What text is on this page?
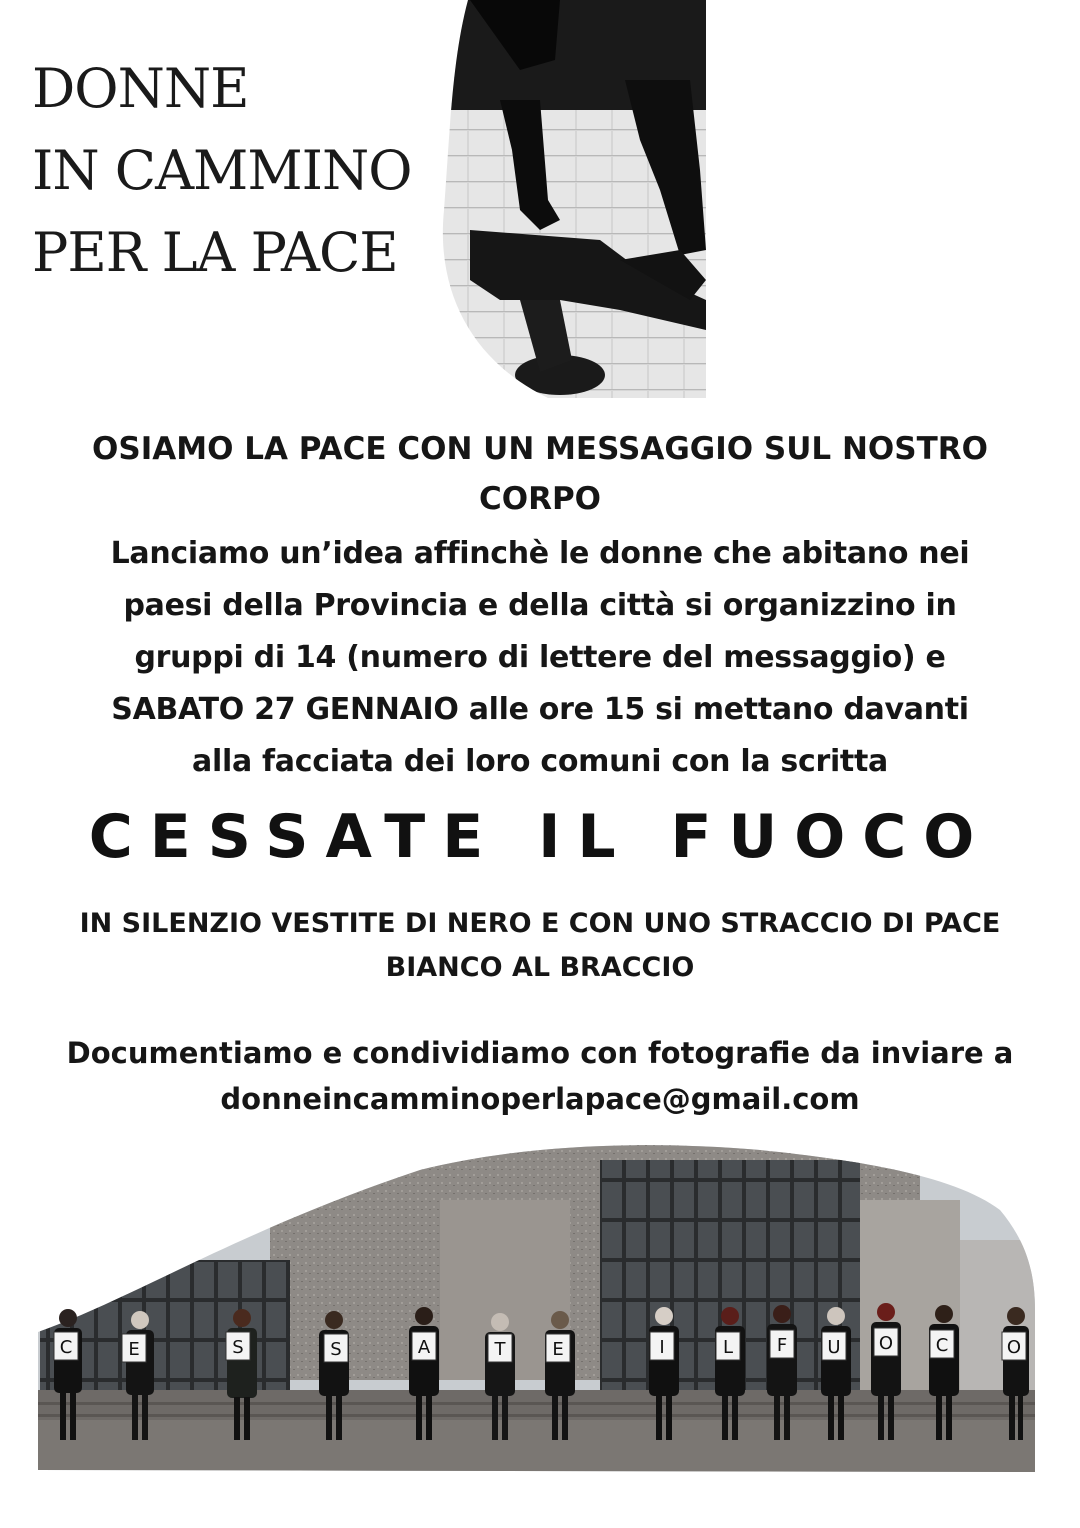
DONNE
IN CAMMINO
PER LA PACE
OSIAMO LA PACE CON UN MESSAGGIO SUL NOSTRO
CORPO
Lanciamo un’idea affinchè le donne che abitano nei
paesi della Provincia e della città si organizzino in
gruppi di 14 (numero di lettere del messaggio) e
SABATO 27 GENNAIO alle ore 15 si mettano davanti
alla facciata dei loro comuni con la scritta
CESSATE IL FUOCO
IN SILENZIO VESTITE DI NERO E CON UNO STRACCIO DI PACE
BIANCO AL BRACCIO
Documentiamo e condividiamo con fotografie da inviare a
donneincamminoperlapace@gmail.com
C	E	S	S	A	T	E	I	L F U O C	O
